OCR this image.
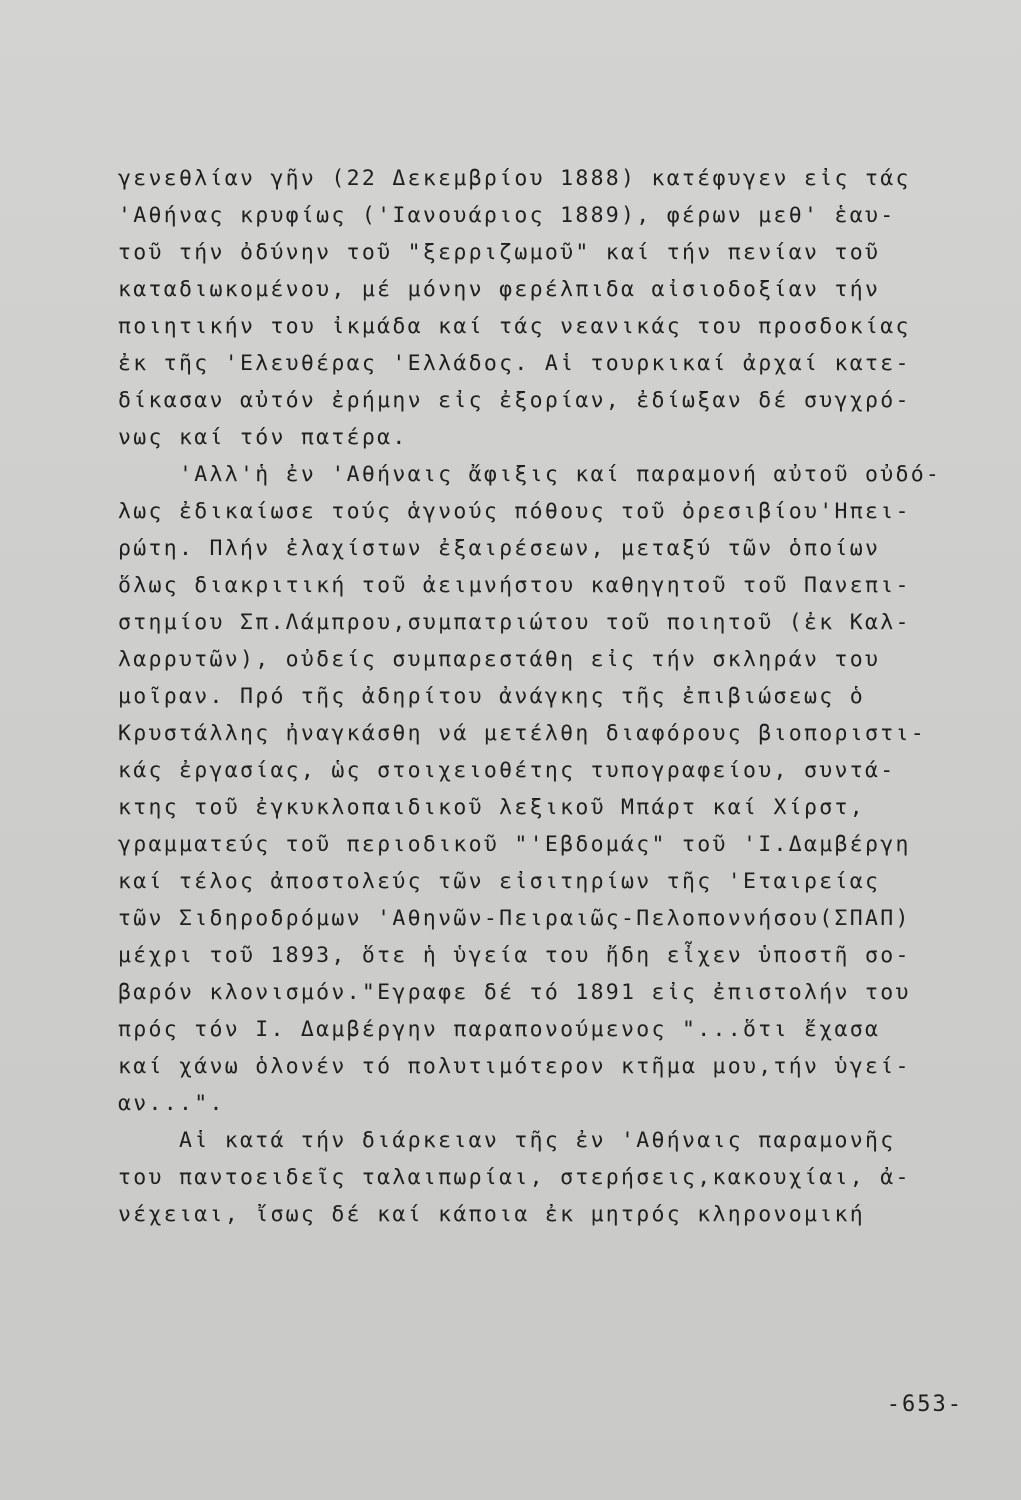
γενεθλίαν γῆν (22 Δεκεμβρίου 1888) κατέφυγεν εἰς τάς
'Αθήνας κρυφίως ('Ιανουάριος 1889), φέρων μεθ' ἑαυ-
τοῦ τήν ὀδύνην τοῦ "ξερριζωμοῦ" καί τήν πενίαν τοῦ
καταδιωκομένου, μέ μόνην φερέλπιδα αἰσιοδοξίαν τήν
ποιητικήν του ἰκμάδα καί τάς νεανικάς του προσδοκίας
ἐκ τῆς 'Ελευθέρας 'Ελλάδος. Αἱ τουρκικαί ἀρχαί κατε-
δίκασαν αὐτόν ἐρήμην εἰς ἐξορίαν, ἐδίωξαν δέ συγχρό-
νως καί τόν πατέρα.
'Αλλ'ἡ ἐν 'Αθήναις ἄφιξις καί παραμονή αὐτοῦ οὐδό-
λως ἐδικαίωσε τούς ἁγνούς πόθους τοῦ ὀρεσιβίου'Ηπει-
ρώτη. Πλήν ἐλαχίστων ἐξαιρέσεων, μεταξύ τῶν ὁποίων
ὅλως διακριτική τοῦ ἀειμνήστου καθηγητοῦ τοῦ Πανεπι-
στημίου Σπ.Λάμπρου,συμπατριώτου τοῦ ποιητοῦ (ἐκ Καλ-
λαρρυτῶν), οὐδείς συμπαρεστάθη εἰς τήν σκληράν του
μοῖραν. Πρό τῆς ἀδηρίτου ἀνάγκης τῆς ἐπιβιώσεως ὁ
Κρυστάλλης ἠναγκάσθη νά μετέλθη διαφόρους βιοποριστι-
κάς ἐργασίας, ὡς στοιχειοθέτης τυπογραφείου, συντά-
κτης τοῦ ἐγκυκλοπαιδικοῦ λεξικοῦ Μπάρτ καί Χίρστ,
γραμματεύς τοῦ περιοδικοῦ "'Εβδομάς" τοῦ 'Ι.Δαμβέργη
καί τέλος ἀποστολεύς τῶν εἰσιτηρίων τῆς 'Εταιρείας
τῶν Σιδηροδρόμων 'Αθηνῶν-Πειραιῶς-Πελοποννήσου(ΣΠΑΠ)
μέχρι τοῦ 1893, ὅτε ἡ ὑγεία του ἤδη εἶχεν ὑποστῆ σο-
βαρόν κλονισμόν."Εγραφε δέ τό 1891 εἰς ἐπιστολήν του
πρός τόν Ι. Δαμβέργην παραπονούμενος "...ὅτι ἔχασα
καί χάνω ὁλονέν τό πολυτιμότερον κτῆμα μου,τήν ὑγεί-
αν...".
Αἱ κατά τήν διάρκειαν τῆς ἐν 'Αθήναις παραμονῆς
του παντοειδεῖς ταλαιπωρίαι, στερήσεις,κακουχίαι, ἀ-
νέχειαι, ἴσως δέ καί κάποια ἐκ μητρός κληρονομική
-653-
